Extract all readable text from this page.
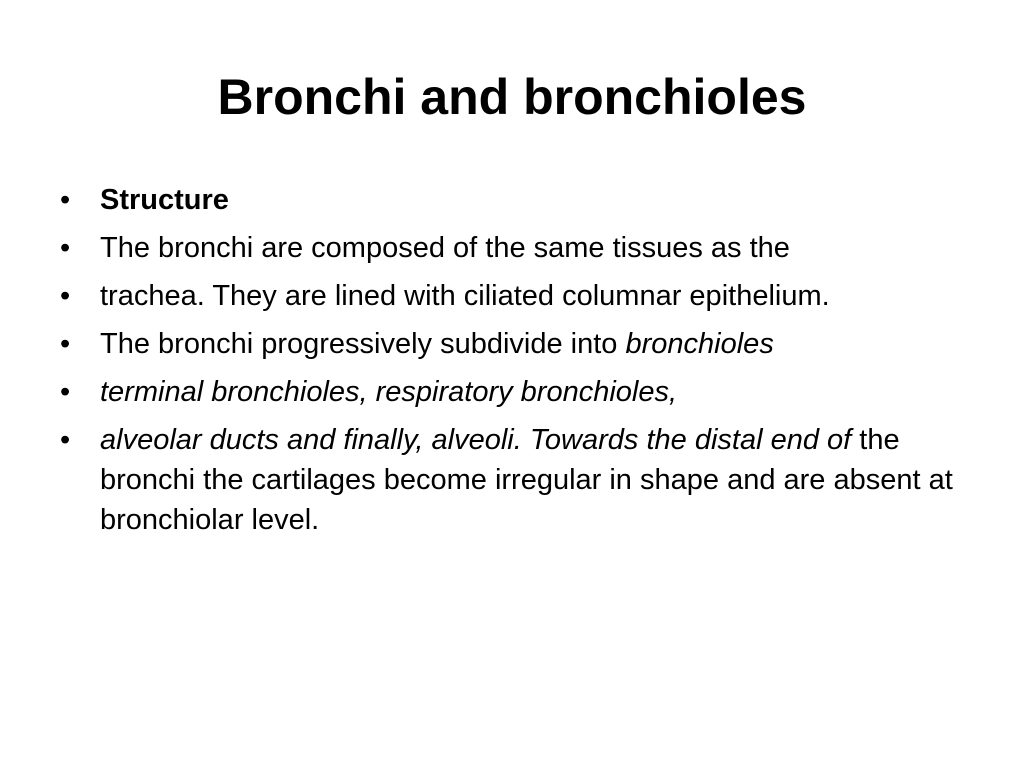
Bronchi and bronchioles
• Structure
• The bronchi are composed of the same tissues as the
• trachea. They are lined with ciliated columnar epithelium.
• The bronchi progressively subdivide into bronchioles
• terminal bronchioles, respiratory bronchioles,
• alveolar ducts and finally, alveoli. Towards the distal end of the bronchi the cartilages become irregular in shape and are absent at bronchiolar level.
